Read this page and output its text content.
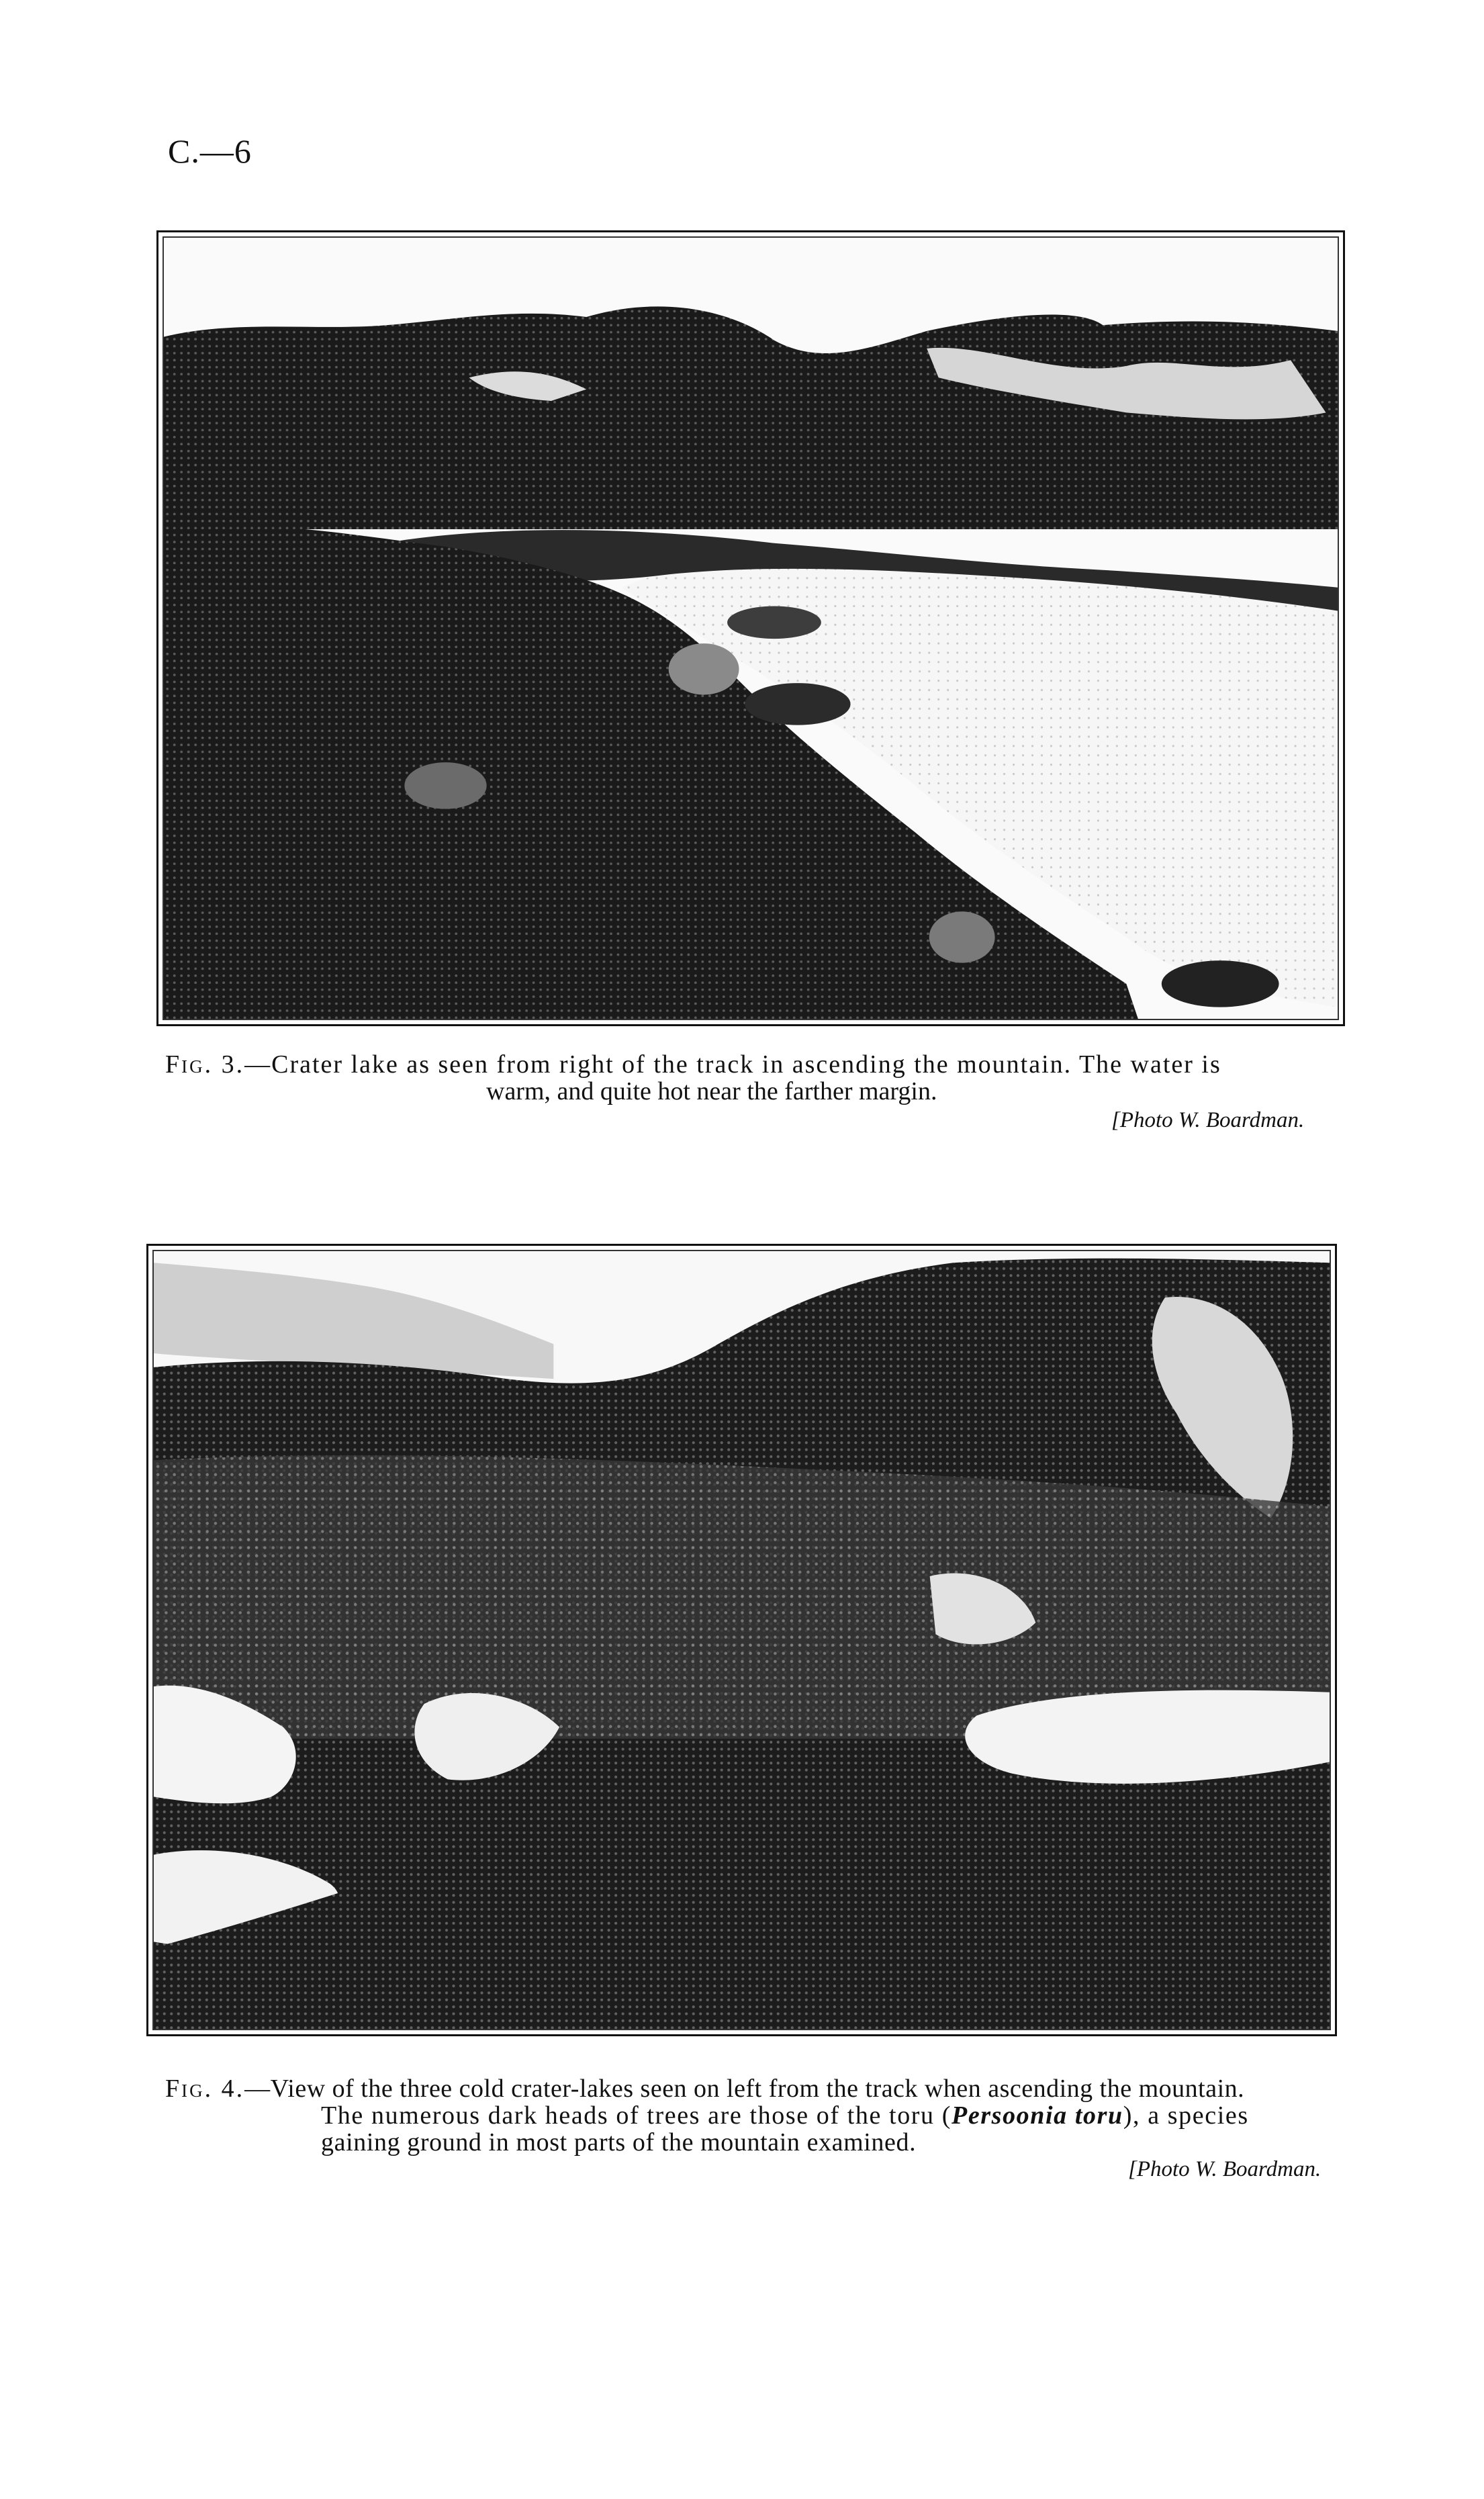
C.—6
Fig. 3.—Crater lake as seen from right of the track in ascending the mountain. The water is
warm, and quite hot near the farther margin.
[Photo W. Boardman.
Fig. 4.—View of the three cold crater-lakes seen on left from the track when ascending the mountain.
The numerous dark heads of trees are those of the toru (Persoonia toru), a species
gaining ground in most parts of the mountain examined.
[Photo W. Boardman.
